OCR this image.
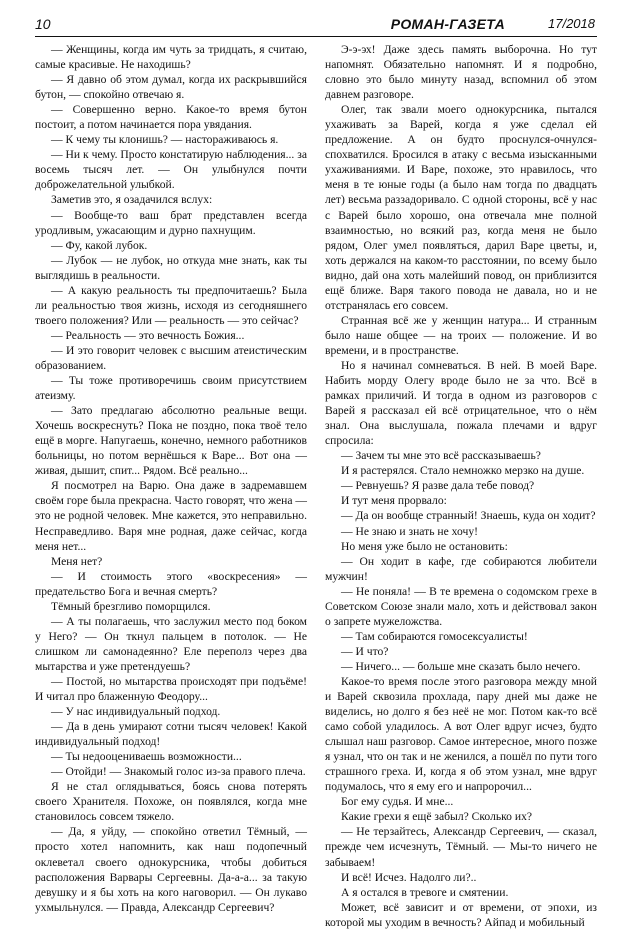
10	РОМАН-ГАЗЕТА	17/2018

— Женщины, когда им чуть за тридцать, я считаю, самые красивые. Не находишь?

— Я давно об этом думал, когда их раскрывшийся бутон, — спокойно отвечаю я.

— Совершенно верно. Какое-то время бутон постоит, а потом начинается пора увядания.

— К чему ты клонишь? — настораживаюсь я.

— Ни к чему. Просто констатирую наблюдения... за восемь тысяч лет. — Он улыбнулся почти доброжелательной улыбкой.

Заметив это, я озадачился вслух:

— Вообще-то ваш брат представлен всегда уродливым, ужасающим и дурно пахнущим.

— Фу, какой лубок.

— Лубок — не лубок, но откуда мне знать, как ты выглядишь в реальности.

— А какую реальность ты предпочитаешь? Была ли реальностью твоя жизнь, исходя из сегодняшнего твоего положения? Или — реальность — это сейчас?

— Реальность — это вечность Божия...

— И это говорит человек с высшим атеистическим образованием.

— Ты тоже противоречишь своим присутствием атеизму.

— Зато предлагаю абсолютно реальные вещи. Хочешь воскреснуть? Пока не поздно, пока твоё тело ещё в морге. Напугаешь, конечно, немного работников больницы, но потом вернёшься к Варе... Вот она — живая, дышит, спит... Рядом. Всё реально...

Я посмотрел на Варю. Она даже в задремавшем своём горе была прекрасна. Часто говорят, что жена — это не родной человек. Мне кажется, это неправильно. Несправедливо. Варя мне родная, даже сейчас, когда меня нет...

Меня нет?

— И стоимость этого «воскресения» — предательство Бога и вечная смерть?

Тёмный брезгливо поморщился.

— А ты полагаешь, что заслужил место под боком у Него? — Он ткнул пальцем в потолок. — Не слишком ли самонадеянно? Еле переполз через два мытарства и уже претендуешь?

— Постой, но мытарства происходят при подъёме! И читал про блаженную Феодору...

— У нас индивидуальный подход.

— Да в день умирают сотни тысяч человек! Какой индивидуальный подход!

— Ты недооцениваешь возможности...

— Отойди! — Знакомый голос из-за правого плеча.

Я не стал оглядываться, боясь снова потерять своего Хранителя. Похоже, он появлялся, когда мне становилось совсем тяжело.

— Да, я уйду, — спокойно ответил Тёмный, — просто хотел напомнить, как наш подопечный оклеветал своего однокурсника, чтобы добиться расположения Варвары Сергеевны. Да-а-а... за такую девушку и я бы хоть на кого наговорил. — Он лукаво ухмыльнулся. — Правда, Александр Сергеевич?

Э-э-эх! Даже здесь память выборочна. Но тут напомнят. Обязательно напомнят. И я подробно, словно это было минуту назад, вспомнил об этом давнем разговоре.

Олег, так звали моего однокурсника, пытался ухаживать за Варей, когда я уже сделал ей предложение. А он будто проснулся-очнулся-спохватился. Бросился в атаку с весьма изысканными ухаживаниями. И Варе, похоже, это нравилось, что меня в те юные годы (а было нам тогда по двадцать лет) весьма раззадоривало. С одной стороны, всё у нас с Варей было хорошо, она отвечала мне полной взаимностью, но всякий раз, когда меня не было рядом, Олег умел появляться, дарил Варе цветы, и, хоть держался на каком-то расстоянии, по всему было видно, дай она хоть малейший повод, он приблизится ещё ближе. Варя такого повода не давала, но и не отстранялась его совсем.

Странная всё же у женщин натура... И странным было наше общее — на троих — положение. И во времени, и в пространстве.

Но я начинал сомневаться. В ней. В моей Варе. Набить морду Олегу вроде было не за что. Всё в рамках приличий. И тогда в одном из разговоров с Варей я рассказал ей всё отрицательное, что о нём знал. Она выслушала, пожала плечами и вдруг спросила:

— Зачем ты мне это всё рассказываешь?

И я растерялся. Стало немножко мерзко на душе.

— Ревнуешь? Я разве дала тебе повод?

И тут меня прорвало:

— Да он вообще странный! Знаешь, куда он ходит?

— Не знаю и знать не хочу!

Но меня уже было не остановить:

— Он ходит в кафе, где собираются любители мужчин!

— Не поняла! — В те времена о содомском грехе в Советском Союзе знали мало, хоть и действовал закон о запрете мужеложства.

— Там собираются гомосексуалисты!

— И что?

— Ничего... — больше мне сказать было нечего.

Какое-то время после этого разговора между мной и Варей сквозила прохлада, пару дней мы даже не виделись, но долго я без неё не мог. Потом как-то всё само собой уладилось. А вот Олег вдруг исчез, будто слышал наш разговор. Самое интересное, много позже я узнал, что он так и не женился, а пошёл по пути того страшного греха. И, когда я об этом узнал, мне вдруг подумалось, что я ему его и напророчил...

Бог ему судья. И мне...

Какие грехи я ещё забыл? Сколько их?

— Не терзайтесь, Александр Сергеевич, — сказал, прежде чем исчезнуть, Тёмный. — Мы-то ничего не забываем!

И всё! Исчез. Надолго ли?..

А я остался в тревоге и смятении.

Может, всё зависит и от времени, от эпохи, из которой мы уходим в вечность? Айпад и мобильный
